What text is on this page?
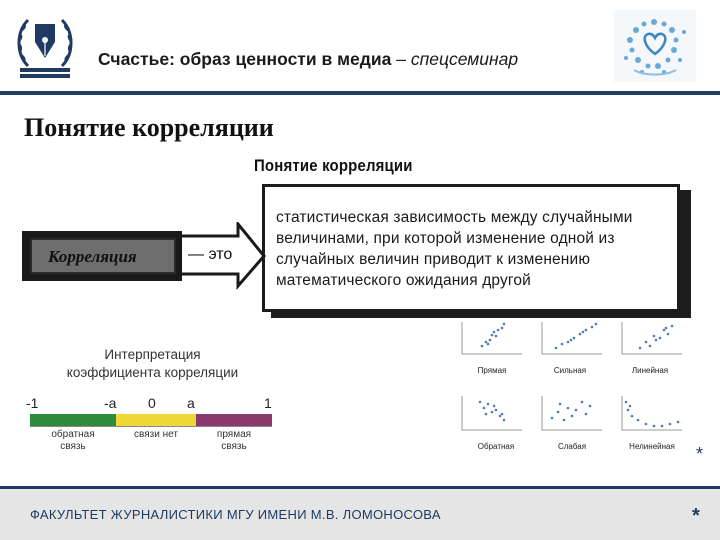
Счастье: образ ценности в медиа – спецсеминар
Понятие корреляции
Понятие корреляции
статистическая зависимость между случайными величинами, при которой изменение одной из случайных величин приводит к изменению математического ожидания другой
Корреляция	— это
Интерпретация
коэффициента корреляции
-1	-a 0 a	1
обратная
связь
связи нет	прямая
связь
Прямая	Сильная	Линейная
Обратная	Слабая	Нелинейная	*
ФАКУЛЬТЕТ ЖУРНАЛИСТИКИ МГУ ИМЕНИ М.В. ЛОМОНОСОВА	*
